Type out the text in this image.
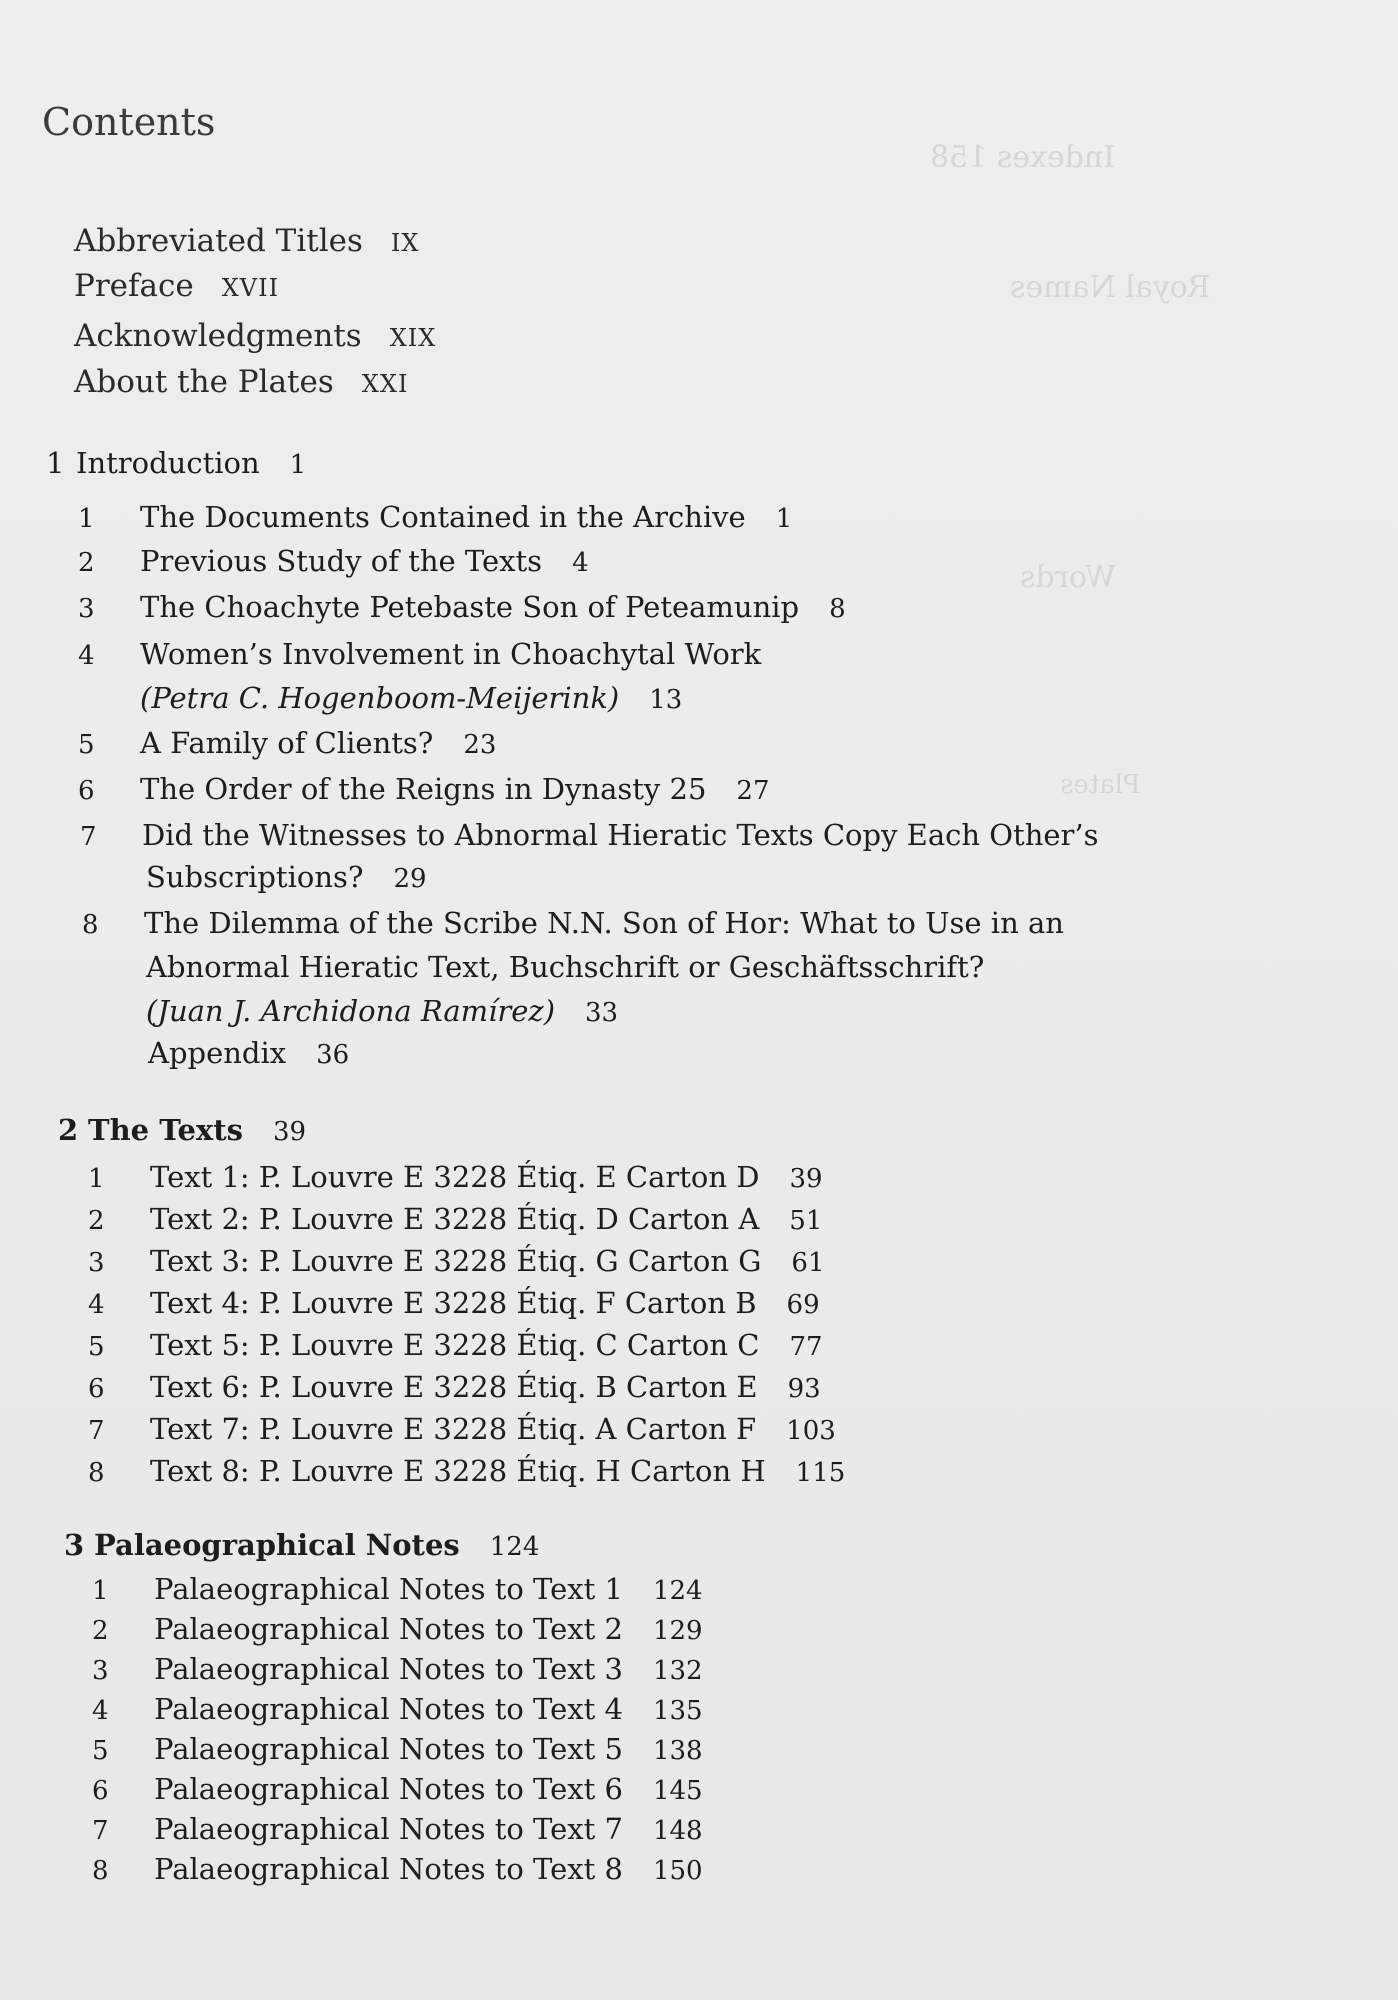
Indexes 158
Royal Names
Words
Plates
Contents
Abbreviated Titles IX
Preface XVII
Acknowledgments XIX
About the Plates XXI
1 Introduction 1
1 The Documents Contained in the Archive 1
2 Previous Study of the Texts 4
3 The Choachyte Petebaste Son of Peteamunip 8
4 Women’s Involvement in Choachytal Work
(Petra C. Hogenboom-Meijerink) 13
5 A Family of Clients? 23
6 The Order of the Reigns in Dynasty 25 27
7 Did the Witnesses to Abnormal Hieratic Texts Copy Each Other’s
Subscriptions? 29
8 The Dilemma of the Scribe N.N. Son of Hor: What to Use in an
Abnormal Hieratic Text, Buchschrift or Geschäftsschrift?
(Juan J. Archidona Ramírez) 33
Appendix 36
2 The Texts 39
1 Text 1: P. Louvre E 3228 Étiq. E Carton D 39
2 Text 2: P. Louvre E 3228 Étiq. D Carton A 51
3 Text 3: P. Louvre E 3228 Étiq. G Carton G 61
4 Text 4: P. Louvre E 3228 Étiq. F Carton B 69
5 Text 5: P. Louvre E 3228 Étiq. C Carton C 77
6 Text 6: P. Louvre E 3228 Étiq. B Carton E 93
7 Text 7: P. Louvre E 3228 Étiq. A Carton F 103
8 Text 8: P. Louvre E 3228 Étiq. H Carton H 115
3 Palaeographical Notes 124
1 Palaeographical Notes to Text 1 124
2 Palaeographical Notes to Text 2 129
3 Palaeographical Notes to Text 3 132
4 Palaeographical Notes to Text 4 135
5 Palaeographical Notes to Text 5 138
6 Palaeographical Notes to Text 6 145
7 Palaeographical Notes to Text 7 148
8 Palaeographical Notes to Text 8 150
